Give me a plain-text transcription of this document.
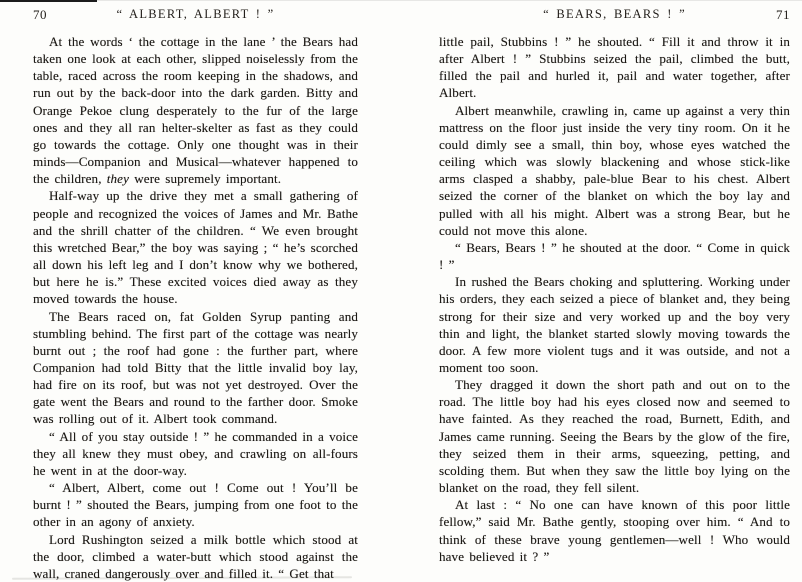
70	“ ALBERT, ALBERT ! ”

At the words ‘ the cottage in the lane ’ the Bears had taken one look at each other, slipped noiselessly from the table, raced across the room keeping in the shadows, and run out by the back-door into the dark garden. Bitty and Orange Pekoe clung desperately to the fur of the large ones and they all ran helter-skelter as fast as they could go towards the cottage. Only one thought was in their minds—Companion and Musical—whatever happened to the children, they were supremely important.

Half-way up the drive they met a small gathering of people and recognized the voices of James and Mr. Bathe and the shrill chatter of the children. “ We even brought this wretched Bear,” the boy was saying ; “ he’s scorched all down his left leg and I don’t know why we bothered, but here he is.” These excited voices died away as they moved towards the house.

The Bears raced on, fat Golden Syrup panting and stumbling behind. The first part of the cottage was nearly burnt out ; the roof had gone : the further part, where Companion had told Bitty that the little invalid boy lay, had fire on its roof, but was not yet destroyed. Over the gate went the Bears and round to the farther door. Smoke was rolling out of it. Albert took command.

“ All of you stay outside ! ” he commanded in a voice they all knew they must obey, and crawling on all-fours he went in at the door-way.

“ Albert, Albert, come out ! Come out ! You’ll be burnt ! ” shouted the Bears, jumping from one foot to the other in an agony of anxiety.

Lord Rushington seized a milk bottle which stood at the door, climbed a water-butt which stood against the wall, craned dangerously over and filled it. “ Get that

“ BEARS, BEARS ! ”	71

little pail, Stubbins ! ” he shouted. “ Fill it and throw it in after Albert ! ” Stubbins seized the pail, climbed the butt, filled the pail and hurled it, pail and water together, after Albert.

Albert meanwhile, crawling in, came up against a very thin mattress on the floor just inside the very tiny room. On it he could dimly see a small, thin boy, whose eyes watched the ceiling which was slowly blackening and whose stick-like arms clasped a shabby, pale-blue Bear to his chest. Albert seized the corner of the blanket on which the boy lay and pulled with all his might. Albert was a strong Bear, but he could not move this alone.

“ Bears, Bears ! ” he shouted at the door. “ Come in quick ! ”

In rushed the Bears choking and spluttering. Working under his orders, they each seized a piece of blanket and, they being strong for their size and very worked up and the boy very thin and light, the blanket started slowly moving towards the door. A few more violent tugs and it was outside, and not a moment too soon.

They dragged it down the short path and out on to the road. The little boy had his eyes closed now and seemed to have fainted. As they reached the road, Burnett, Edith, and James came running. Seeing the Bears by the glow of the fire, they seized them in their arms, squeezing, petting, and scolding them. But when they saw the little boy lying on the blanket on the road, they fell silent.

At last : “ No one can have known of this poor little fellow,” said Mr. Bathe gently, stooping over him. “ And to think of these brave young gentlemen—well ! Who would have believed it ? ”
